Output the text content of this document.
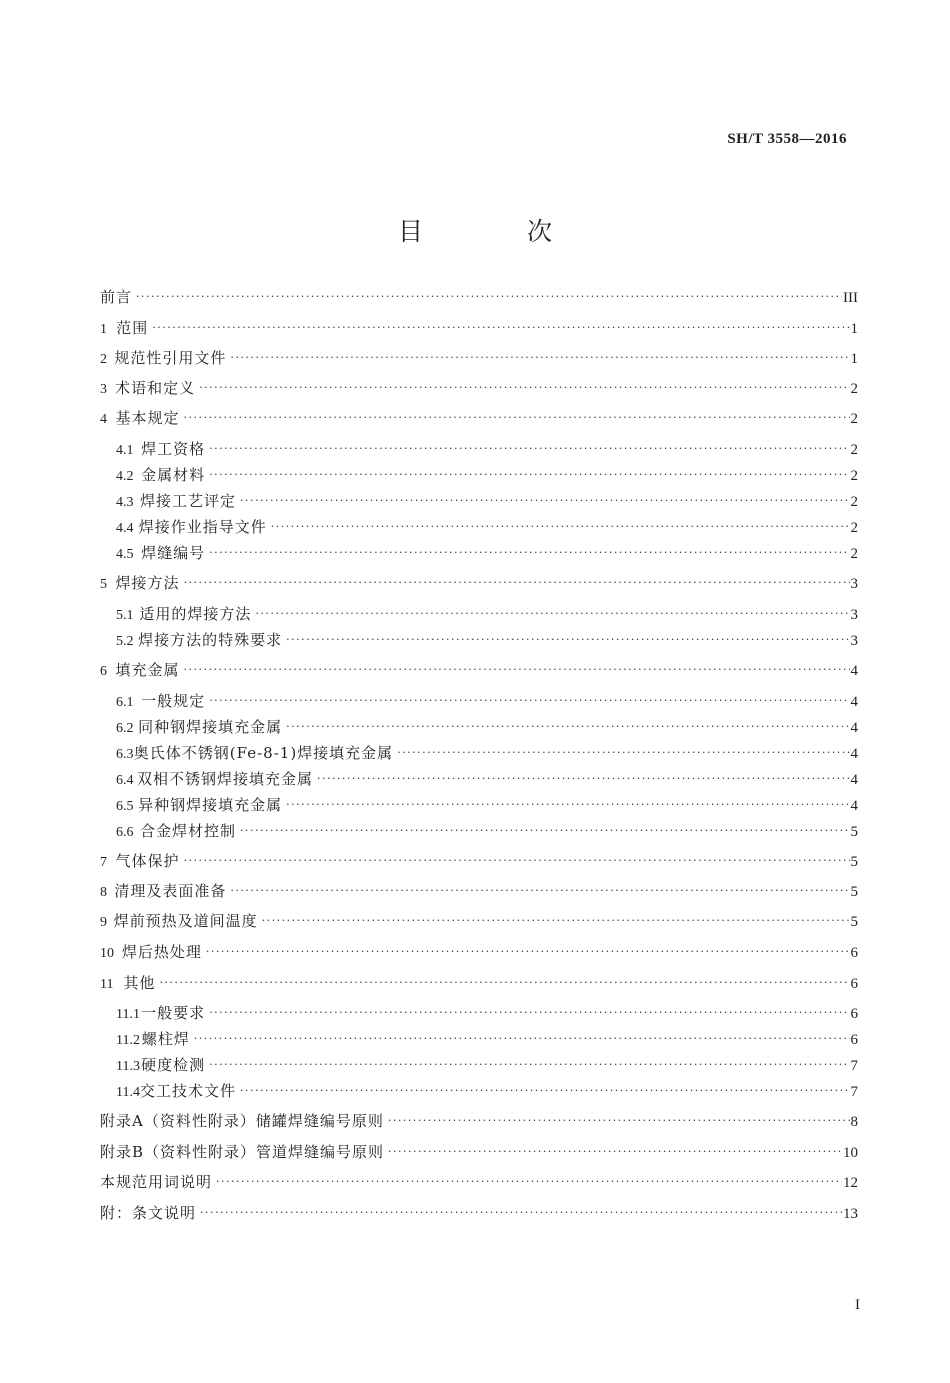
SH/T 3558—2016
目 次
前言 ·····	III
1 范围 ·····	1
2 规范性引用文件 ·····	1
3 术语和定义 ·····	2
4 基本规定 ·····	2
4.1 焊工资格 ·····	2
4.2 金属材料 ·····	2
4.3 焊接工艺评定 ·····	2
4.4 焊接作业指导文件 ·····	2
4.5 焊缝编号 ·····	2
5 焊接方法 ·····	3
5.1 适用的焊接方法 ·····	3
5.2 焊接方法的特殊要求 ·····	3
6 填充金属 ·····	4
6.1 一般规定 ·····	4
6.2 同种钢焊接填充金属 ·····	4
6.3 奥氏体不锈钢(Fe-8-1)焊接填充金属 ·····	4
6.4 双相不锈钢焊接填充金属 ·····	4
6.5 异种钢焊接填充金属 ·····	4
6.6 合金焊材控制 ·····	5
7 气体保护 ·····	5
8 清理及表面准备 ·····	5
9 焊前预热及道间温度 ·····	5
10 焊后热处理 ·····	6
11 其他 ·····	6
11.1 一般要求 ·····	6
11.2 螺柱焊 ·····	6
11.3 硬度检测 ·····	7
11.4 交工技术文件 ·····	7
附录A（资料性附录）储罐焊缝编号原则 ·····	8
附录B（资料性附录）管道焊缝编号原则 ·····	10
本规范用词说明 ·····	12
附：条文说明 ·····	13
I
